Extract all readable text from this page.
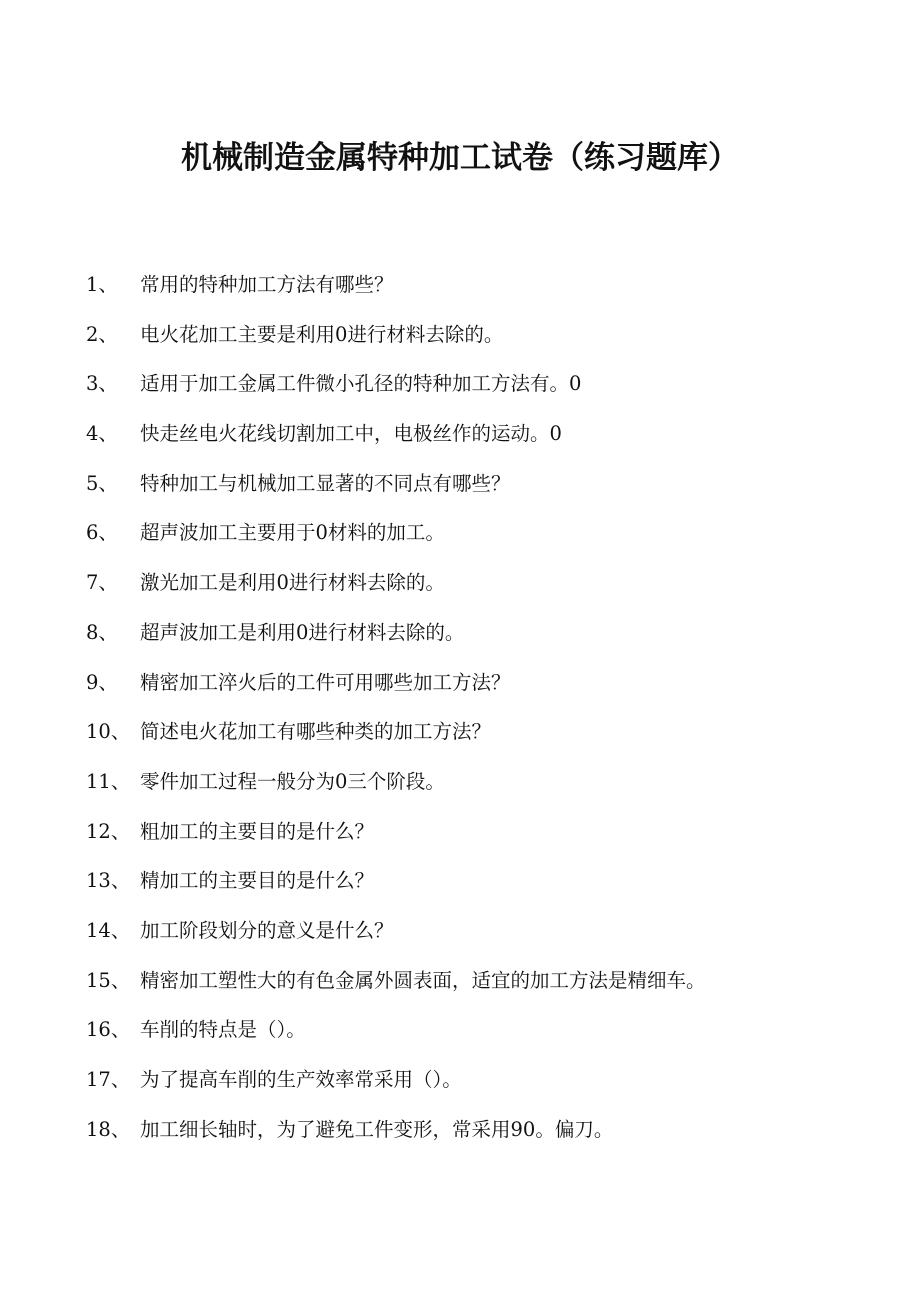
机械制造金属特种加工试卷（练习题库）
1、	常用的特种加工方法有哪些？
2、	电火花加工主要是利用0进行材料去除的。
3、	适用于加工金属工件微小孔径的特种加工方法有。0
4、	快走丝电火花线切割加工中，电极丝作的运动。0
5、	特种加工与机械加工显著的不同点有哪些？
6、	超声波加工主要用于0材料的加工。
7、	激光加工是利用0进行材料去除的。
8、	超声波加工是利用0进行材料去除的。
9、	精密加工淬火后的工件可用哪些加工方法？
10、 简述电火花加工有哪些种类的加工方法？
11、 零件加工过程一般分为0三个阶段。
12、 粗加工的主要目的是什么？
13、 精加工的主要目的是什么？
14、 加工阶段划分的意义是什么？
15、 精密加工塑性大的有色金属外圆表面，适宜的加工方法是精细车。
16、 车削的特点是（）。
17、 为了提高车削的生产效率常采用（）。
18、 加工细长轴时，为了避免工件变形，常采用90。偏刀。
